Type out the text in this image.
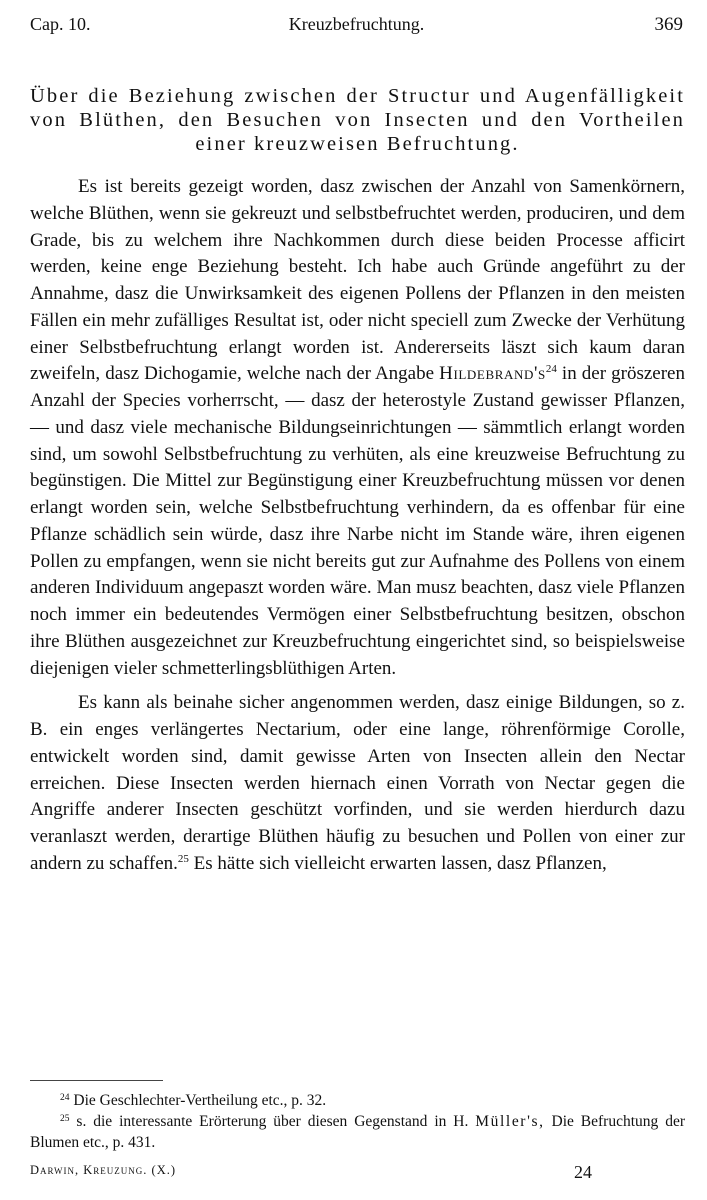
Cap. 10.	Kreuzbefruchtung.	369
Über die Beziehung zwischen der Structur und Augenfälligkeit von Blüthen, den Besuchen von Insecten und den Vortheilen einer kreuzweisen Befruchtung.

Es ist bereits gezeigt worden, dasz zwischen der Anzahl von Samenkörnern, welche Blüthen, wenn sie gekreuzt und selbstbefruchtet werden, produciren, und dem Grade, bis zu welchem ihre Nachkommen durch diese beiden Processe afficirt werden, keine enge Beziehung besteht. Ich habe auch Gründe angeführt zu der Annahme, dasz die Unwirksamkeit des eigenen Pollens der Pflanzen in den meisten Fällen ein mehr zufälliges Resultat ist, oder nicht speciell zum Zwecke der Verhütung einer Selbstbefruchtung erlangt worden ist. Andererseits läszt sich kaum daran zweifeln, dasz Dichogamie, welche nach der Angabe $Hildebrand's^{24}$ in der gröszeren Anzahl der Species vorherrscht, — dasz der heterostyle Zustand gewisser Pflanzen, — und dasz viele mechanische Bildungseinrichtungen — sämmtlich erlangt worden sind, um sowohl Selbstbefruchtung zu verhüten, als eine kreuzweise Befruchtung zu begünstigen. Die Mittel zur Begünstigung einer Kreuzbefruchtung müssen vor denen erlangt worden sein, welche Selbstbefruchtung verhindern, da es offenbar für eine Pflanze schädlich sein würde, dasz ihre Narbe nicht im Stande wäre, ihren eigenen Pollen zu empfangen, wenn sie nicht bereits gut zur Aufnahme des Pollens von einem anderen Individuum angepaszt worden wäre. Man musz beachten, dasz viele Pflanzen noch immer ein bedeutendes Vermögen einer Selbstbefruchtung besitzen, obschon ihre Blüthen ausgezeichnet zur Kreuzbefruchtung eingerichtet sind, so beispielsweise diejenigen vieler schmetterlingsblüthigen Arten.

Es kann als beinahe sicher angenommen werden, dasz einige Bildungen, so z. B. ein enges verlängertes Nectarium, oder eine lange, röhrenförmige Corolle, entwickelt worden sind, damit gewisse Arten von Insecten allein den Nectar erreichen. Diese Insecten werden hiernach einen Vorrath von Nectar gegen die Angriffe anderer Insecten geschützt vorfinden, und sie werden hierdurch dazu veranlaszt werden, derartige Blüthen häufig zu besuchen und Pollen von einer zur andern zu schaffen.$^{25}$ Es hätte sich vielleicht erwarten lassen, dasz Pflanzen,

$^{24}$ Die Geschlechter-Vertheilung etc., p. 32.

$^{25}$ s. die interessante Erörterung über diesen Gegenstand in H. Müller's, Die Befruchtung der Blumen etc., p. 431.

Darwin, Kreuzung. (X.)	24
